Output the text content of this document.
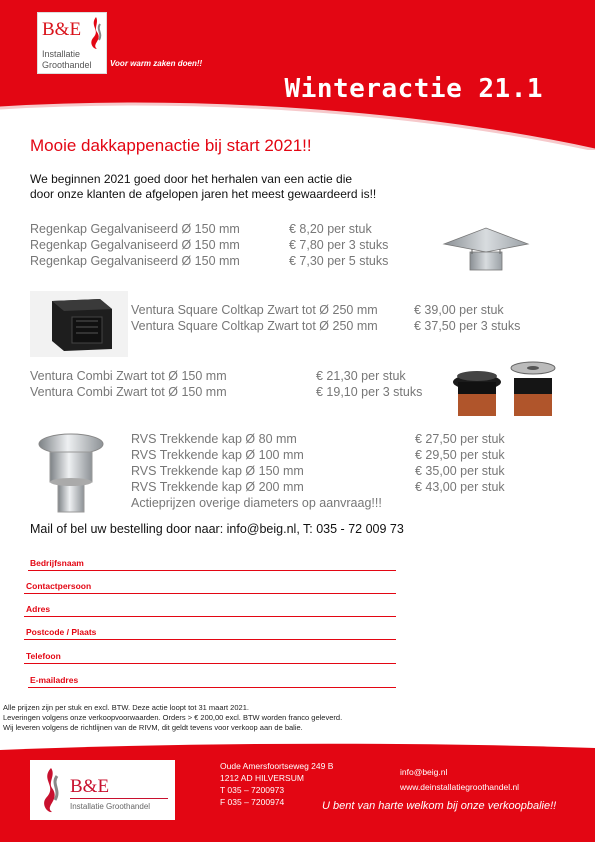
B&E
Installatie
Groothandel Voor warm zaken doen!!
Winteractie 21.1
Mooie dakkappenactie bij start 2021!!
We beginnen 2021 goed door het herhalen van een actie die
door onze klanten de afgelopen jaren het meest gewaardeerd is!!
Regenkap Gegalvaniseerd Ø 150 mm	€ 8,20 per stuk
Regenkap Gegalvaniseerd Ø 150 mm	€ 7,80 per 3 stuks
Regenkap Gegalvaniseerd Ø 150 mm	€ 7,30 per 5 stuks
Ventura Square Coltkap Zwart tot Ø 250 mm	€ 39,00 per stuk
Ventura Square Coltkap Zwart tot Ø 250 mm	€ 37,50 per 3 stuks
Ventura Combi Zwart tot Ø 150 mm	€ 21,30 per stuk
Ventura Combi Zwart tot Ø 150 mm	€ 19,10 per 3 stuks
RVS Trekkende kap Ø 80 mm	€ 27,50 per stuk
RVS Trekkende kap Ø 100 mm	€ 29,50 per stuk
RVS Trekkende kap Ø 150 mm	€ 35,00 per stuk
RVS Trekkende kap Ø 200 mm	€ 43,00 per stuk
Actieprijzen overige diameters op aanvraag!!!
Mail of bel uw bestelling door naar: info@beig.nl, T: 035 - 72 009 73
Bedrijfsnaam
Contactpersoon
Adres
Postcode / Plaats
Telefoon
E-mailadres
Alle prijzen zijn per stuk en excl. BTW. Deze actie loopt tot 31 maart 2021.
Leveringen volgens onze verkoopvoorwaarden. Orders > € 200,00 excl. BTW worden franco geleverd.
Wij leveren volgens de richtlijnen van de RIVM, dit geldt tevens voor verkoop aan de balie.
B&E
Installatie Groothandel
Oude Amersfoortseweg 249 B
1212 AD HILVERSUM
T 035 – 7200973
F 035 – 7200974
info@beig.nl
www.deinstallatiegroothandel.nl
U bent van harte welkom bij onze verkoopbalie!!
